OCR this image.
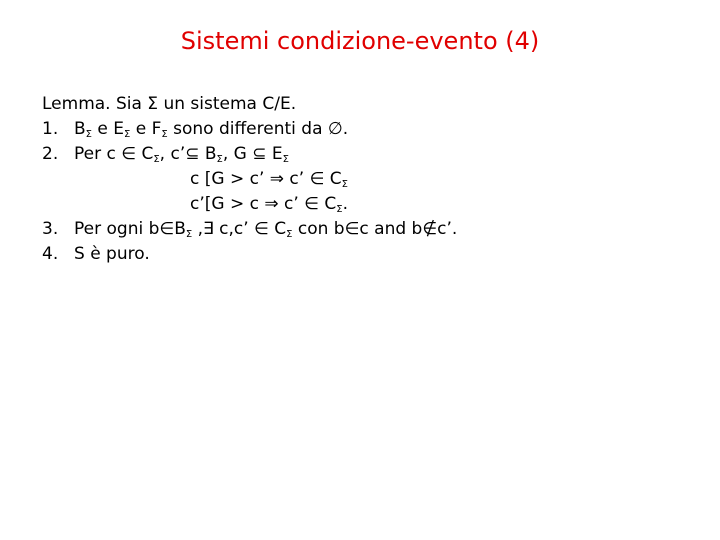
Sistemi condizione-evento (4)
Lemma. Sia Σ un sistema C/E.
1. $B_\Sigma$ e $E_\Sigma$ e $F_\Sigma$ sono differenti da ∅.
2. Per c ∈ $C_\Sigma$, c’⊆ $B_\Sigma$, G ⊆ $E_\Sigma$
c [G > c’ ⇒ c’ ∈ $C_\Sigma$
c’[G > c ⇒ c’ ∈ $C_\Sigma$.
3. Per ogni $b\in B_\Sigma$ ,∃ c,c’ ∈ $C_\Sigma$ con b∈c and b∉c’.
4. S è puro.
